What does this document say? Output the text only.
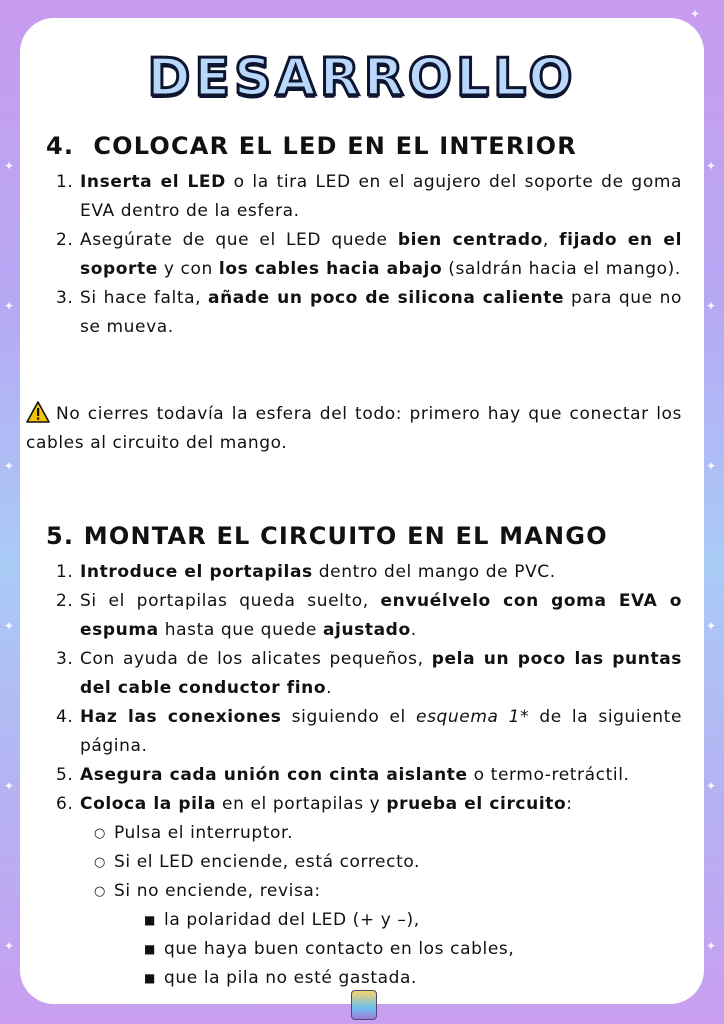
✦
✦	✦
✦	✦
✦	✦
✦	✦
✦	✦
✦	✦
DESARROLLO
4.  COLOCAR EL LED EN EL INTERIOR
1. Inserta el LED o la tira LED en el agujero del soporte de goma EVA dentro de la esfera.
2. Asegúrate de que el LED quede bien centrado, fijado en el soporte y con los cables hacia abajo (saldrán hacia el mango).
3. Si hace falta, añade un poco de silicona caliente para que no se mueva.
No cierres todavía la esfera del todo: primero hay que conectar los cables al circuito del mango.
5. MONTAR EL CIRCUITO EN EL MANGO
1. Introduce el portapilas dentro del mango de PVC.
2. Si el portapilas queda suelto, envuélvelo con goma EVA o espuma hasta que quede ajustado.
3. Con ayuda de los alicates pequeños, pela un poco las puntas del cable conductor fino.
4. Haz las conexiones siguiendo el esquema 1* de la siguiente página.
5. Asegura cada unión con cinta aislante o termo-retráctil.
6. Coloca la pila en el portapilas y prueba el circuito:
○ Pulsa el interruptor.
○ Si el LED enciende, está correcto.
○ Si no enciende, revisa:
■ la polaridad del LED (+ y –),
■ que haya buen contacto en los cables,
■ que la pila no esté gastada.
